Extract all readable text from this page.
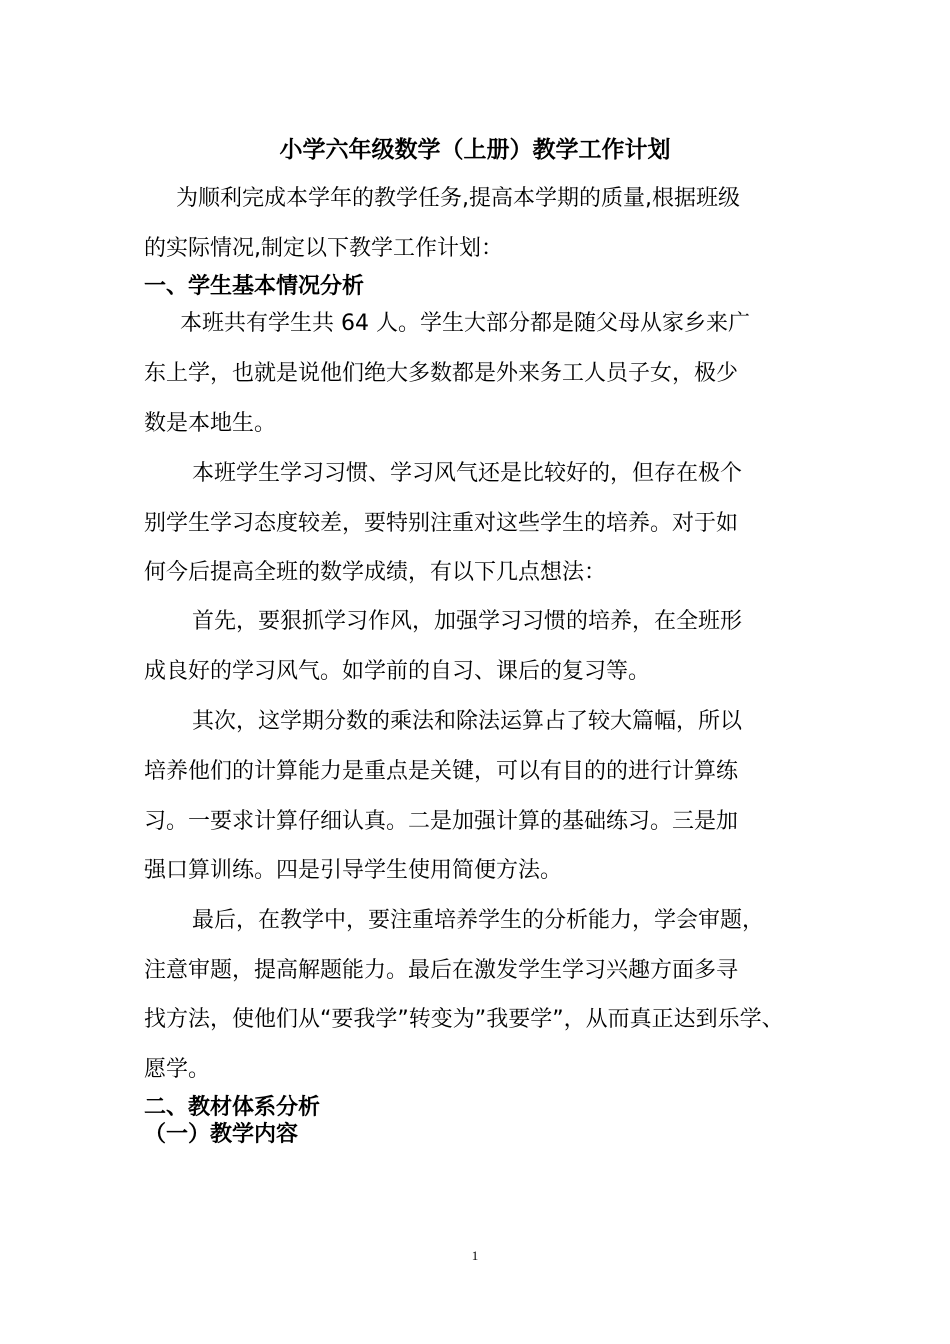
小学六年级数学（上册）教学工作计划
为顺利完成本学年的教学任务,提高本学期的质量,根据班级
的实际情况,制定以下教学工作计划：
一、学生基本情况分析
本班共有学生共 64 人。学生大部分都是随父母从家乡来广
东上学，也就是说他们绝大多数都是外来务工人员子女，极少
数是本地生。
本班学生学习习惯、学习风气还是比较好的，但存在极个
别学生学习态度较差，要特别注重对这些学生的培养。对于如
何今后提高全班的数学成绩，有以下几点想法：
首先，要狠抓学习作风，加强学习习惯的培养，在全班形
成良好的学习风气。如学前的自习、课后的复习等。
其次，这学期分数的乘法和除法运算占了较大篇幅，所以
培养他们的计算能力是重点是关键，可以有目的的进行计算练
习。一要求计算仔细认真。二是加强计算的基础练习。三是加
强口算训练。四是引导学生使用简便方法。
最后，在教学中，要注重培养学生的分析能力，学会审题，
注意审题，提高解题能力。最后在激发学生学习兴趣方面多寻
找方法，使他们从“要我学”转变为”我要学”，从而真正达到乐学、
愿学。
二、教材体系分析
（一）教学内容
1
